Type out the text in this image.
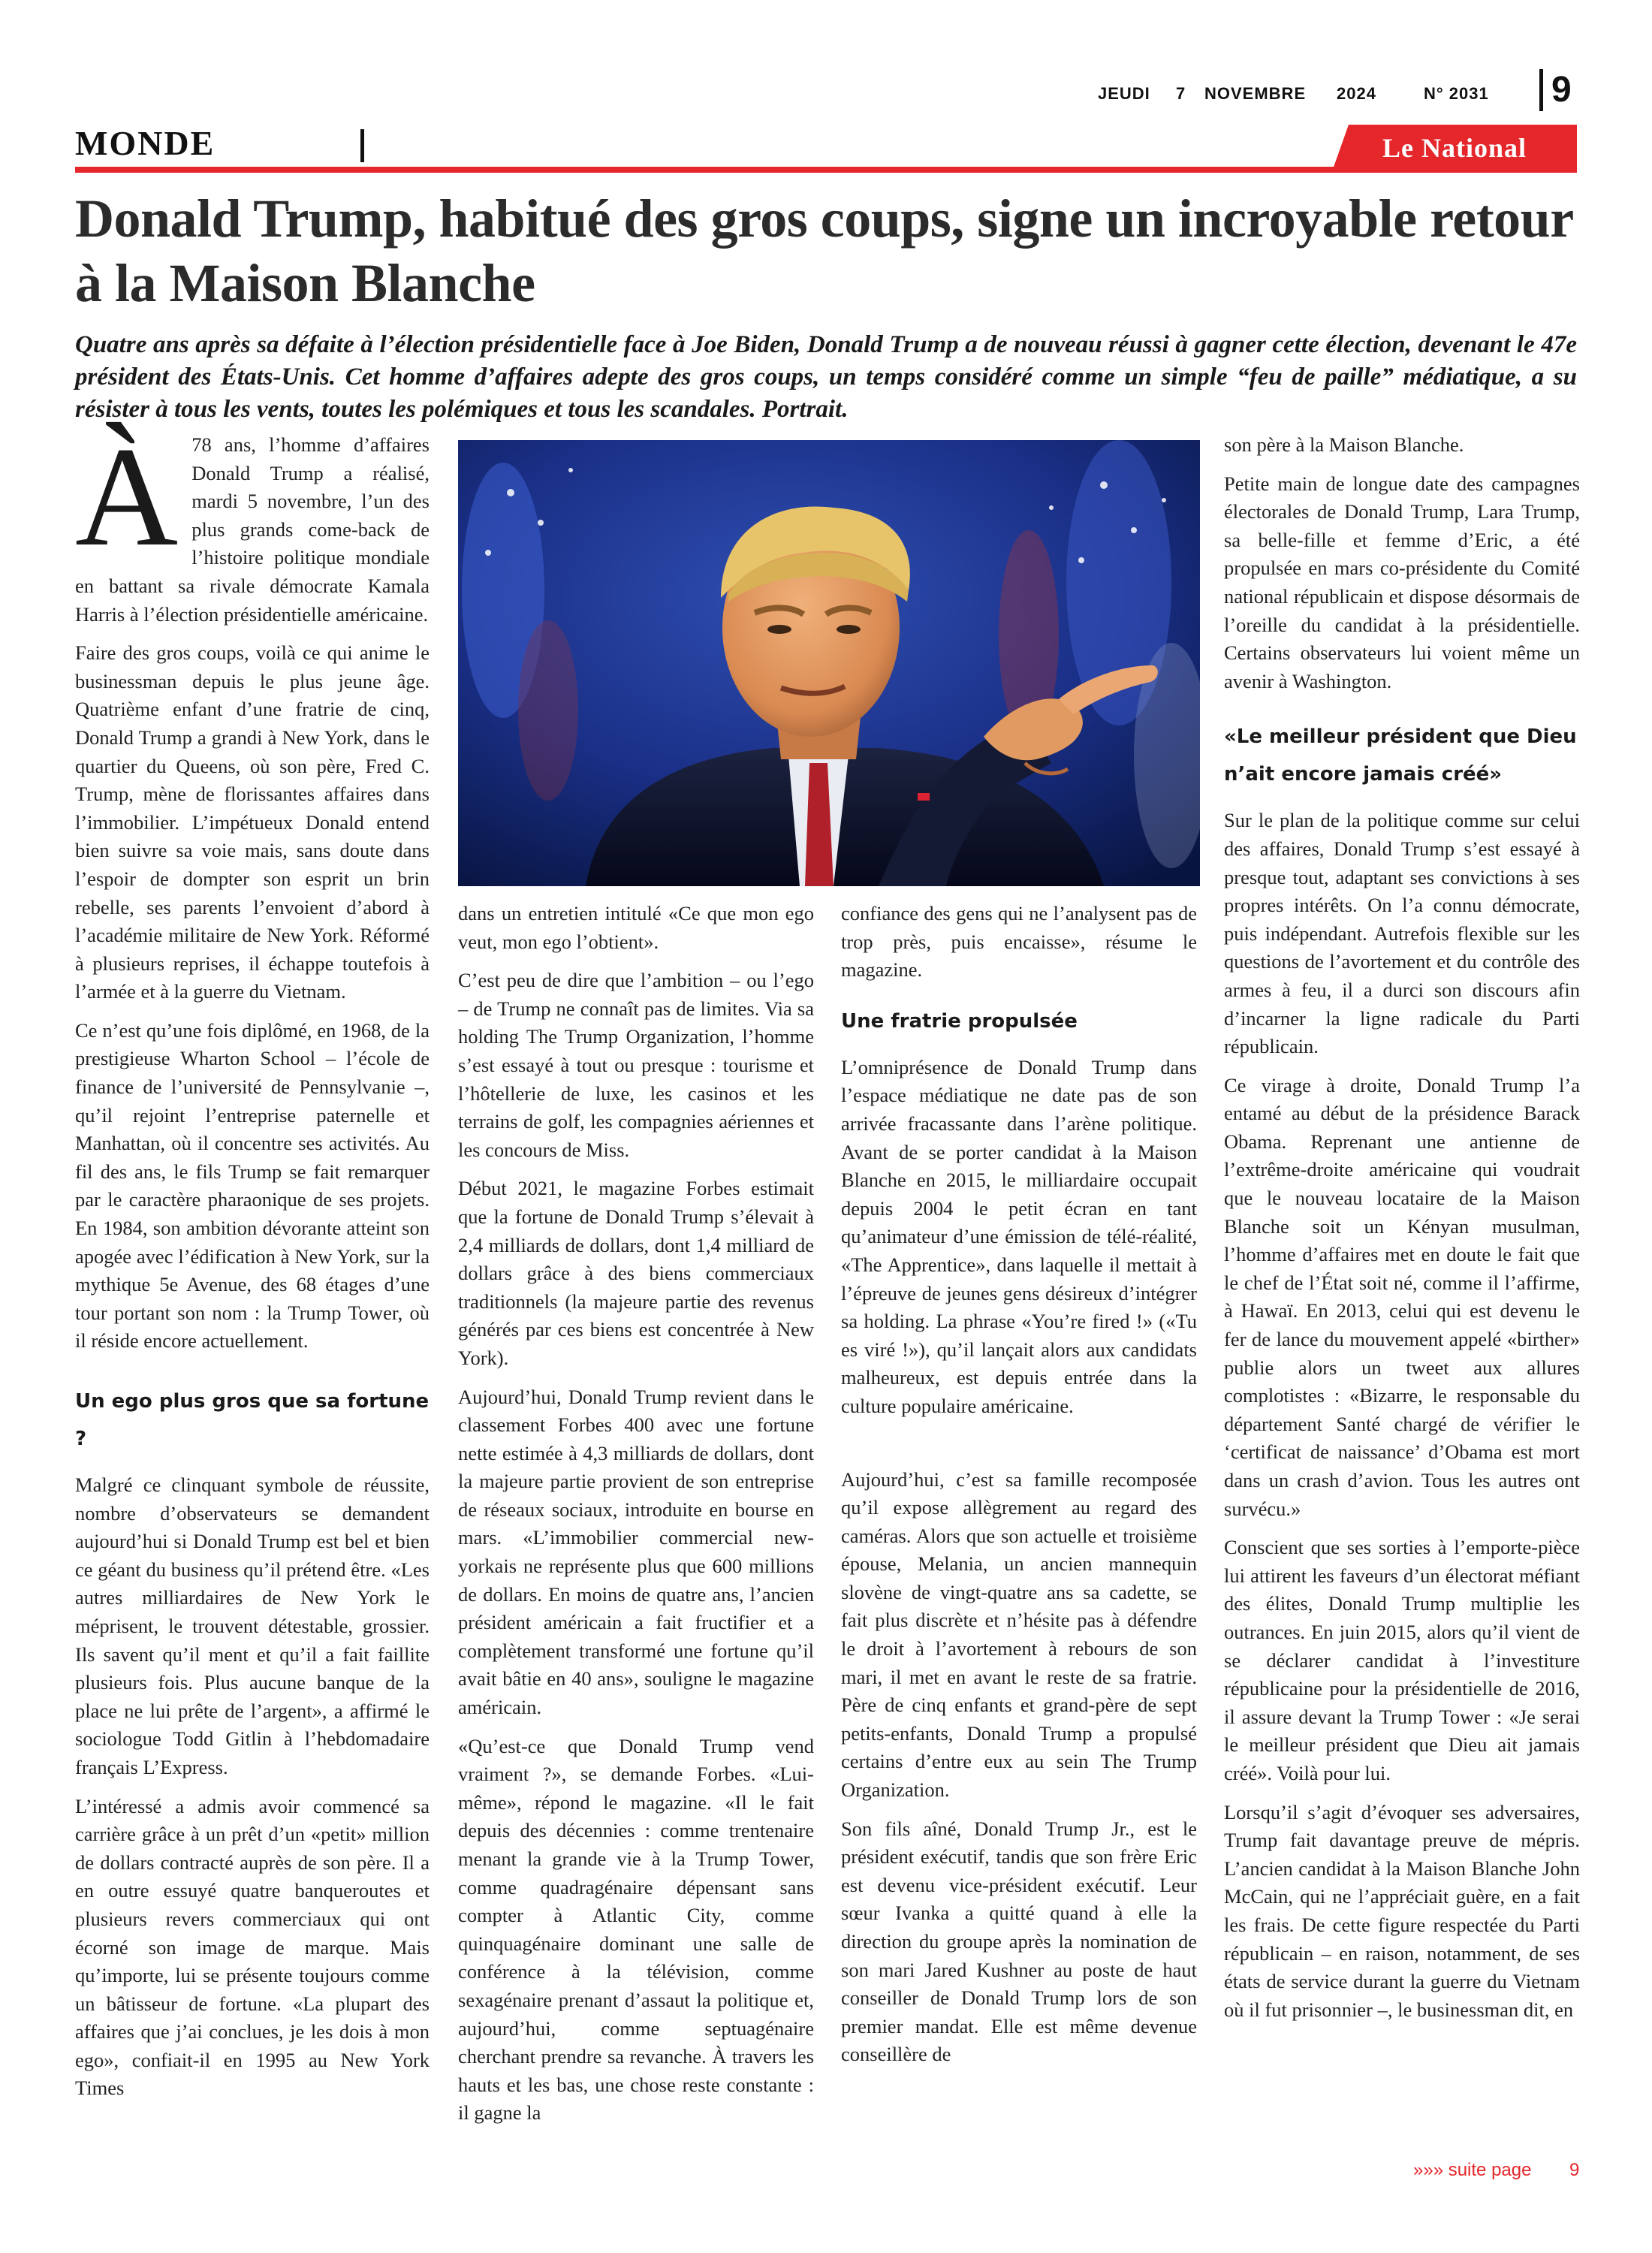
JEUDI 7 NOVEMBRE 2024	N° 2031 9
MONDE	Le National
Donald Trump, habitué des gros coups, signe un incroyable retour à la Maison Blanche
Quatre ans après sa défaite à l’élection présidentielle face à Joe Biden, Donald Trump a de nouveau réussi à gagner cette élection, devenant le 47e président des États-Unis. Cet homme d’affaires adepte des gros coups, un temps considéré comme un simple “feu de paille” médiatique, a su résister à tous les vents, toutes les polémiques et tous les scandales. Portrait.

À 78 ans, l’homme d’affaires Donald Trump a réalisé, mardi 5 novembre, l’un des plus grands come-back de l’histoire politique mondiale en battant sa rivale démocrate Kamala Harris à l’élection présidentielle américaine.

Faire des gros coups, voilà ce qui anime le businessman depuis le plus jeune âge. Quatrième enfant d’une fratrie de cinq, Donald Trump a grandi à New York, dans le quartier du Queens, où son père, Fred C. Trump, mène de florissantes affaires dans l’immobilier. L’impétueux Donald entend bien suivre sa voie mais, sans doute dans l’espoir de dompter son esprit un brin rebelle, ses parents l’envoient d’abord à l’académie militaire de New York. Réformé à plusieurs reprises, il échappe toutefois à l’armée et à la guerre du Vietnam.

Ce n’est qu’une fois diplômé, en 1968, de la prestigieuse Wharton School – l’école de finance de l’université de Pennsylvanie –, qu’il rejoint l’entreprise paternelle et Manhattan, où il concentre ses activités. Au fil des ans, le fils Trump se fait remarquer par le caractère pharaonique de ses projets. En 1984, son ambition dévorante atteint son apogée avec l’édification à New York, sur la mythique 5e Avenue, des 68 étages d’une tour portant son nom : la Trump Tower, où il réside encore actuellement.

Un ego plus gros que sa fortune ?

Malgré ce clinquant symbole de réussite, nombre d’observateurs se demandent aujourd’hui si Donald Trump est bel et bien ce géant du business qu’il prétend être. «Les autres milliardaires de New York le méprisent, le trouvent détestable, grossier. Ils savent qu’il ment et qu’il a fait faillite plusieurs fois. Plus aucune banque de la place ne lui prête de l’argent», a affirmé le sociologue Todd Gitlin à l’hebdomadaire français L’Express.

L’intéressé a admis avoir commencé sa carrière grâce à un prêt d’un «petit» million de dollars contracté auprès de son père. Il a en outre essuyé quatre banqueroutes et plusieurs revers commerciaux qui ont écorné son image de marque. Mais qu’importe, lui se présente toujours comme un bâtisseur de fortune. «La plupart des affaires que j’ai conclues, je les dois à mon ego», confiait-il en 1995 au New York Times

dans un entretien intitulé «Ce que mon ego veut, mon ego l’obtient».

C’est peu de dire que l’ambition – ou l’ego – de Trump ne connaît pas de limites. Via sa holding The Trump Organization, l’homme s’est essayé à tout ou presque : tourisme et l’hôtellerie de luxe, les casinos et les terrains de golf, les compagnies aériennes et les concours de Miss.

Début 2021, le magazine Forbes estimait que la fortune de Donald Trump s’élevait à 2,4 milliards de dollars, dont 1,4 milliard de dollars grâce à des biens commerciaux traditionnels (la majeure partie des revenus générés par ces biens est concentrée à New York).

Aujourd’hui, Donald Trump revient dans le classement Forbes 400 avec une fortune nette estimée à 4,3 milliards de dollars, dont la majeure partie provient de son entreprise de réseaux sociaux, introduite en bourse en mars. «L’immobilier commercial new-yorkais ne représente plus que 600 millions de dollars. En moins de quatre ans, l’ancien président américain a fait fructifier et a complètement transformé une fortune qu’il avait bâtie en 40 ans», souligne le magazine américain.

«Qu’est-ce que Donald Trump vend vraiment ?», se demande Forbes. «Lui-même», répond le magazine. «Il le fait depuis des décennies : comme trentenaire menant la grande vie à la Trump Tower, comme quadragénaire dépensant sans compter à Atlantic City, comme quinquagénaire dominant une salle de conférence à la télévision, comme sexagénaire prenant d’assaut la politique et, aujourd’hui, comme septuagénaire cherchant prendre sa revanche. À travers les hauts et les bas, une chose reste constante : il gagne la

confiance des gens qui ne l’analysent pas de trop près, puis encaisse», résume le magazine.

Une fratrie propulsée

L’omniprésence de Donald Trump dans l’espace médiatique ne date pas de son arrivée fracassante dans l’arène politique. Avant de se porter candidat à la Maison Blanche en 2015, le milliardaire occupait depuis 2004 le petit écran en tant qu’animateur d’une émission de télé-réalité, «The Apprentice», dans laquelle il mettait à l’épreuve de jeunes gens désireux d’intégrer sa holding. La phrase «You’re fired !» («Tu es viré !»), qu’il lançait alors aux candidats malheureux, est depuis entrée dans la culture populaire américaine.

Aujourd’hui, c’est sa famille recomposée qu’il expose allègrement au regard des caméras. Alors que son actuelle et troisième épouse, Melania, un ancien mannequin slovène de vingt-quatre ans sa cadette, se fait plus discrète et n’hésite pas à défendre le droit à l’avortement à rebours de son mari, il met en avant le reste de sa fratrie. Père de cinq enfants et grand-père de sept petits-enfants, Donald Trump a propulsé certains d’entre eux au sein The Trump Organization.

Son fils aîné, Donald Trump Jr., est le président exécutif, tandis que son frère Eric est devenu vice-président exécutif. Leur sœur Ivanka a quitté quand à elle la direction du groupe après la nomination de son mari Jared Kushner au poste de haut conseiller de Donald Trump lors de son premier mandat. Elle est même devenue conseillère de

son père à la Maison Blanche.

Petite main de longue date des campagnes électorales de Donald Trump, Lara Trump, sa belle-fille et femme d’Eric, a été propulsée en mars co-présidente du Comité national républicain et dispose désormais de l’oreille du candidat à la présidentielle. Certains observateurs lui voient même un avenir à Washington.

«Le meilleur président que Dieu n’ait encore jamais créé»

Sur le plan de la politique comme sur celui des affaires, Donald Trump s’est essayé à presque tout, adaptant ses convictions à ses propres intérêts. On l’a connu démocrate, puis indépendant. Autrefois flexible sur les questions de l’avortement et du contrôle des armes à feu, il a durci son discours afin d’incarner la ligne radicale du Parti républicain.

Ce virage à droite, Donald Trump l’a entamé au début de la présidence Barack Obama. Reprenant une antienne de l’extrême-droite américaine qui voudrait que le nouveau locataire de la Maison Blanche soit un Kényan musulman, l’homme d’affaires met en doute le fait que le chef de l’État soit né, comme il l’affirme, à Hawaï. En 2013, celui qui est devenu le fer de lance du mouvement appelé «birther» publie alors un tweet aux allures complotistes : «Bizarre, le responsable du département Santé chargé de vérifier le ‘certificat de naissance’ d’Obama est mort dans un crash d’avion. Tous les autres ont survécu.»

Conscient que ses sorties à l’emporte-pièce lui attirent les faveurs d’un électorat méfiant des élites, Donald Trump multiplie les outrances. En juin 2015, alors qu’il vient de se déclarer candidat à l’investiture républicaine pour la présidentielle de 2016, il assure devant la Trump Tower : «Je serai le meilleur président que Dieu ait jamais créé». Voilà pour lui.

Lorsqu’il s’agit d’évoquer ses adversaires, Trump fait davantage preuve de mépris. L’ancien candidat à la Maison Blanche John McCain, qui ne l’appréciait guère, en a fait les frais. De cette figure respectée du Parti républicain – en raison, notamment, de ses états de service durant la guerre du Vietnam où il fut prisonnier –, le businessman dit, en

»»» suite page 9
